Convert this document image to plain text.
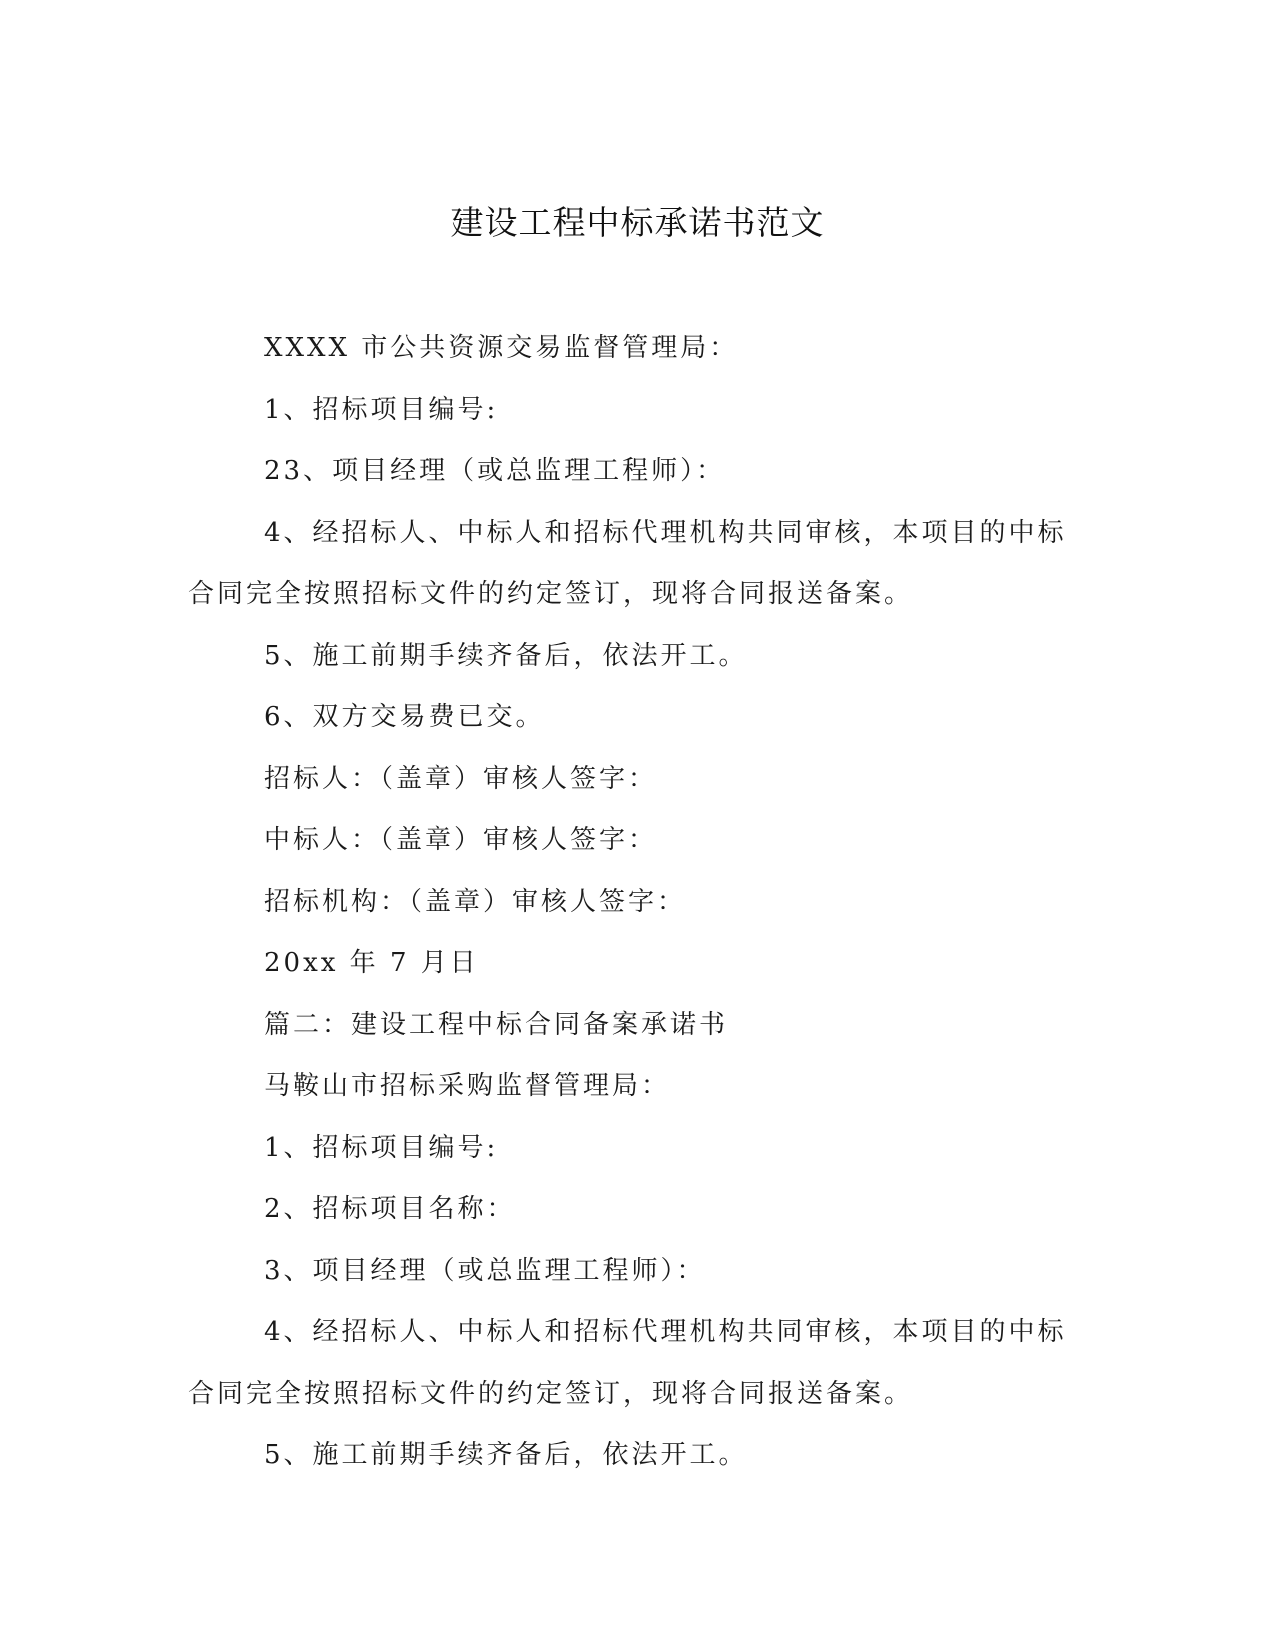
建设工程中标承诺书范文
XXXX 市公共资源交易监督管理局：
1、招标项目编号:
23、项目经理（或总监理工程师）：
4、经招标人、中标人和招标代理机构共同审核，本项目的中标
合同完全按照招标文件的约定签订，现将合同报送备案。
5、施工前期手续齐备后，依法开工。
6、双方交易费已交。
招标人：（盖章）审核人签字：
中标人：（盖章）审核人签字：
招标机构：（盖章）审核人签字：
20xx 年 7 月日
篇二：建设工程中标合同备案承诺书
马鞍山市招标采购监督管理局：
1、招标项目编号:
2、招标项目名称：
3、项目经理（或总监理工程师）：
4、经招标人、中标人和招标代理机构共同审核，本项目的中标
合同完全按照招标文件的约定签订，现将合同报送备案。
5、施工前期手续齐备后，依法开工。
